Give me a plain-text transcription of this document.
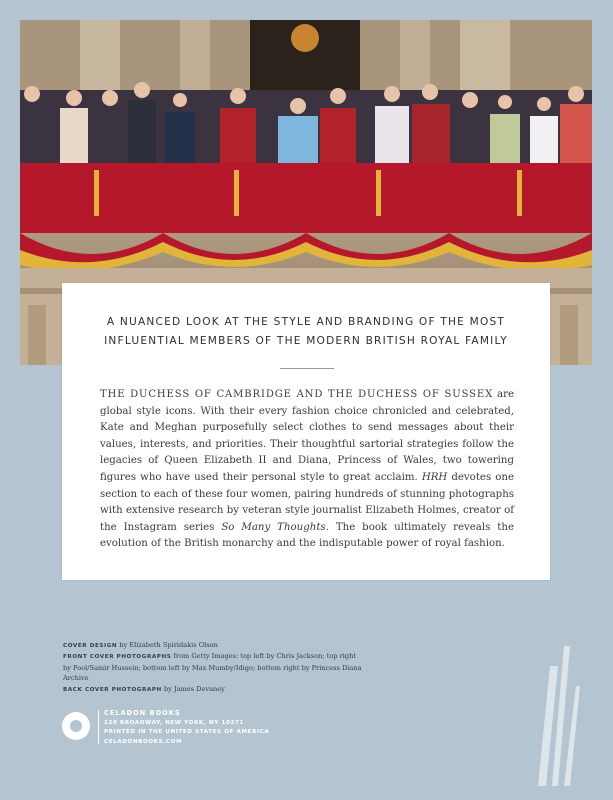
A NUANCED LOOK AT THE STYLE AND BRANDING OF THE MOST
INFLUENTIAL MEMBERS OF THE MODERN BRITISH ROYAL FAMILY
THE DUCHESS OF CAMBRIDGE AND THE DUCHESS OF SUSSEX are global style icons. With their every fashion choice chronicled and celebrated, Kate and Meghan purposefully select clothes to send messages about their values, interests, and priorities. Their thoughtful sartorial strategies follow the legacies of Queen Elizabeth II and Diana, Princess of Wales, two towering figures who have used their personal style to great acclaim. HRH devotes one section to each of these four women, pairing hundreds of stunning photographs with extensive research by veteran style journalist Elizabeth Holmes, creator of the Instagram series So Many Thoughts. The book ultimately reveals the evolution of the British monarchy and the indisputable power of royal fashion.
COVER DESIGN by Elizabeth Spiridakis Olson
FRONT COVER PHOTOGRAPHS from Getty Images: top left by Chris Jackson; top right by Pool/Samir Hussein; bottom left by Max Mumby/Idigo; bottom right by Princess Diana Archive
BACK COVER PHOTOGRAPH by James Devaney
CELADON BOOKS
120 BROADWAY, NEW YORK, NY 10271
PRINTED IN THE UNITED STATES OF AMERICA
CELADONBOOKS.COM
